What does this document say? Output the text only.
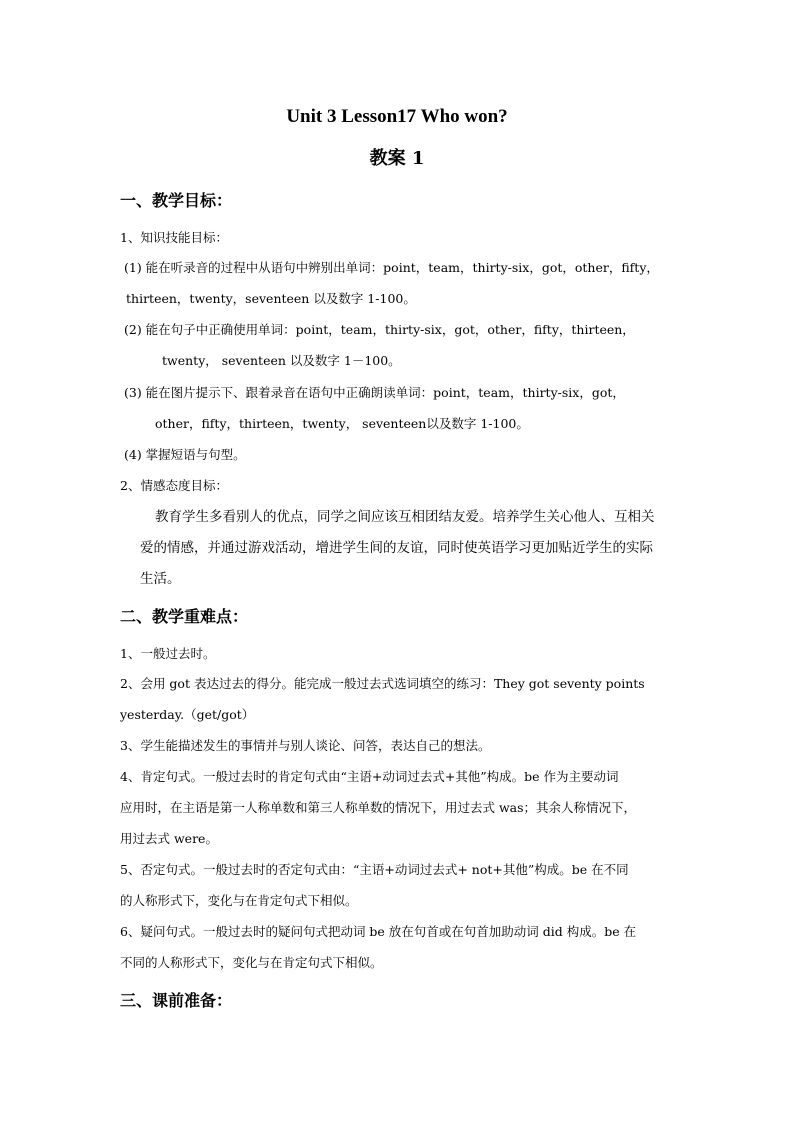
Unit 3 Lesson17 Who won?
教案 1
一、教学目标：
1、知识技能目标：
(1) 能在听录音的过程中从语句中辨别出单词：point，team，thirty-six，got，other，fifty，
thirteen，twenty，seventeen 以及数字 1-100。
(2) 能在句子中正确使用单词：point，team，thirty-six，got，other，fifty，thirteen，
twenty， seventeen 以及数字 1－100。
(3) 能在图片提示下、跟着录音在语句中正确朗读单词：point，team，thirty-six，got，
other，fifty，thirteen，twenty， seventeen以及数字 1-100。
(4) 掌握短语与句型。
2、情感态度目标：
教育学生多看别人的优点，同学之间应该互相团结友爱。培养学生关心他人、互相关
爱的情感，并通过游戏活动，增进学生间的友谊，同时使英语学习更加贴近学生的实际
生活。
二、教学重难点：
1、一般过去时。
2、会用 got 表达过去的得分。能完成一般过去式选词填空的练习：They got seventy points
yesterday.（get/got）
3、学生能描述发生的事情并与别人谈论、问答，表达自己的想法。
4、肯定句式。一般过去时的肯定句式由“主语+动词过去式+其他”构成。be 作为主要动词
应用时，在主语是第一人称单数和第三人称单数的情况下，用过去式 was；其余人称情况下，
用过去式 were。
5、否定句式。一般过去时的否定句式由：“主语+动词过去式+ not+其他”构成。be 在不同
的人称形式下，变化与在肯定句式下相似。
6、疑问句式。一般过去时的疑问句式把动词 be 放在句首或在句首加助动词 did 构成。be 在
不同的人称形式下，变化与在肯定句式下相似。
三、课前准备：
